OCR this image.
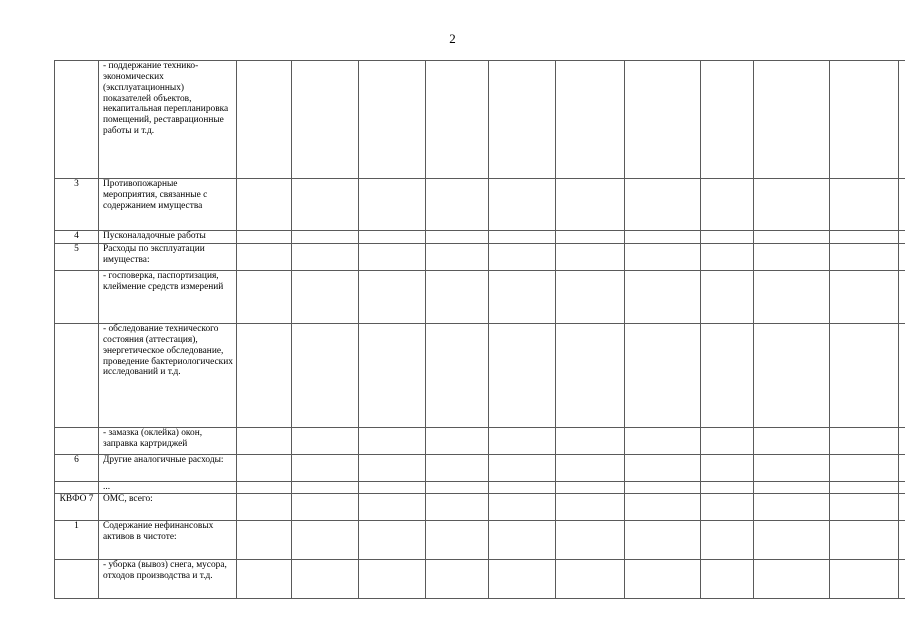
2
	- поддержание технико-экономических (эксплуатационных) показателей объектов, некапитальная перепланировка помещений, реставрационные работы и т.д.												
3	Противопожарные мероприятия, связанные с содержанием имущества												
4	Пусконаладочные работы												
5	Расходы по эксплуатации имущества:												
	- госповерка, паспортизация, клеймение средств измерений												
	- обследование технического состояния (аттестация), энергетическое обследование, проведение бактериологических исследований и т.д.												
	- замазка (оклейка) окон, заправка картриджей												
6	Другие аналогичные расходы:												
	...												
КВФО 7	ОМС, всего:												
1	Содержание нефинансовых активов в чистоте:												
	- уборка (вывоз) снега, мусора, отходов производства и т.д.												
